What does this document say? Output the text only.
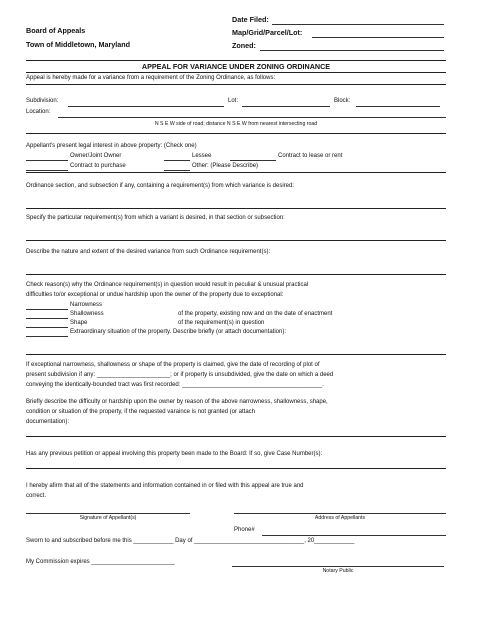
Board of Appeals
Town of Middletown, Maryland
Date Filed:
Map/Grid/Parcel/Lot:
Zoned:
APPEAL FOR VARIANCE UNDER ZONING ORDINANCE
Appeal is hereby made for a variance from a requirement of the Zoning Ordinance, as follows:
Subdivision:	Lot:	Block:
Location:
N S E W side of road; distance N S E W from nearest intersecting road
Appellant's present legal interest in above property: (Check one)
Owner/Joint Owner	Lessee	Contract to lease or rent
Contract to purchase	Other: (Please Describe)
Ordinance section, and subsection if any, containing a requirement(s) from which variance is desired:
Specify the particular requirement(s) from which a variant is desired, in that section or subsection:
Describe the nature and extent of the desired variance from such Ordinance requirement(s):
Check reason(s) why the Ordinance requirement(s) in question would result in peculiar & unusual practical
difficulties to/or exceptional or undue hardship upon the owner of the property due to exceptional:
Narrowness
Shallowness	of the property, existing now and on the date of enactment
Shape	of the requirement(s) in question
Extraordinary situation of the property. Describe briefly (or attach documentation):
If exceptional narrowness, shallowness or shape of the property is claimed, give the date of recording of plot of
present subdivision if any: ______________________; or if property is unsubdivided, give the date on which a deed
conveying the identically-bounded tract was first recorded: __________________________________________.
Briefly describe the difficulty or hardship upon the owner by reason of the above narrowness, shallowness, shape,
condition or situation of the property, if the requested varaince is not granted (or attach
documentation):
Has any previous petition or appeal involving this property been made to the Board: If so, give Case Number(s):
I hereby afirm that all of the statements and information contained in or filed with this appeal are true and
correct.
Signature of Appellant(s)	Address of Appellants
Phone#
Sworn to and subscribed before me this ____________ Day of _________________________________, 20____________
My Commission expires _________________________
Notary Public
